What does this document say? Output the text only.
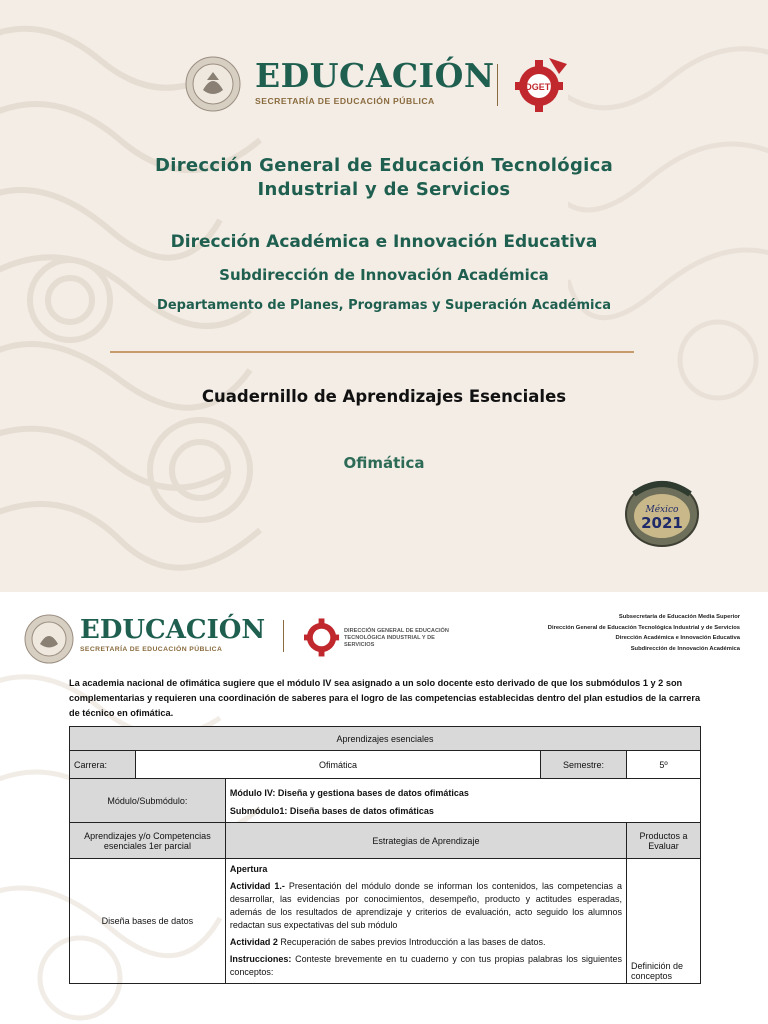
EDUCACIÓN
SECRETARÍA DE EDUCACIÓN PÚBLICA
DGETI
Dirección General de Educación Tecnológica
Industrial y de Servicios
Dirección Académica e Innovación Educativa
Subdirección de Innovación Académica
Departamento de Planes, Programas y Superación Académica
Cuadernillo de Aprendizajes Esenciales
Ofimática
México
2021
EDUCACIÓN
SECRETARÍA DE EDUCACIÓN PÚBLICA
DIRECCIÓN GENERAL DE EDUCACIÓN
TECNOLÓGICA INDUSTRIAL Y DE SERVICIOS
Subsecretaría de Educación Media Superior
Dirección General de Educación Tecnológica Industrial y de Servicios
Dirección Académica e Innovación Educativa
Subdirección de Innovación Académica
La academia nacional de ofimática sugiere que el módulo IV sea asignado a un solo docente esto derivado de que los submódulos 1 y 2 son complementarias y requieren una coordinación de saberes para el logro de las competencias establecidas dentro del plan estudios de la carrera de técnico en ofimática.
Aprendizajes esenciales				
Carrera:	Ofimática		Semestre:	5º
Módulo/Submódulo:		Módulo IV: Diseña y gestiona bases de datos ofimáticas
Submódulo1: Diseña bases de datos ofimáticas		

Aprendizajes y/o Competencias esenciales 1er parcial		Estrategias de Aprendizaje		Productos a Evaluar
Diseña bases de datos		Apertura

Actividad 1.- Presentación del módulo donde se informan los contenidos, las competencias a desarrollar, las evidencias por conocimientos, desempeño, producto y actitudes esperadas, además de los resultados de aprendizaje y criterios de evaluación, acto seguido los alumnos redactan sus expectativas del sub módulo

Actividad 2 Recuperación de sabes previos Introducción a las bases de datos.

Instrucciones: Conteste brevemente en tu cuaderno y con tus propias palabras los siguientes conceptos:		Definición de conceptos
